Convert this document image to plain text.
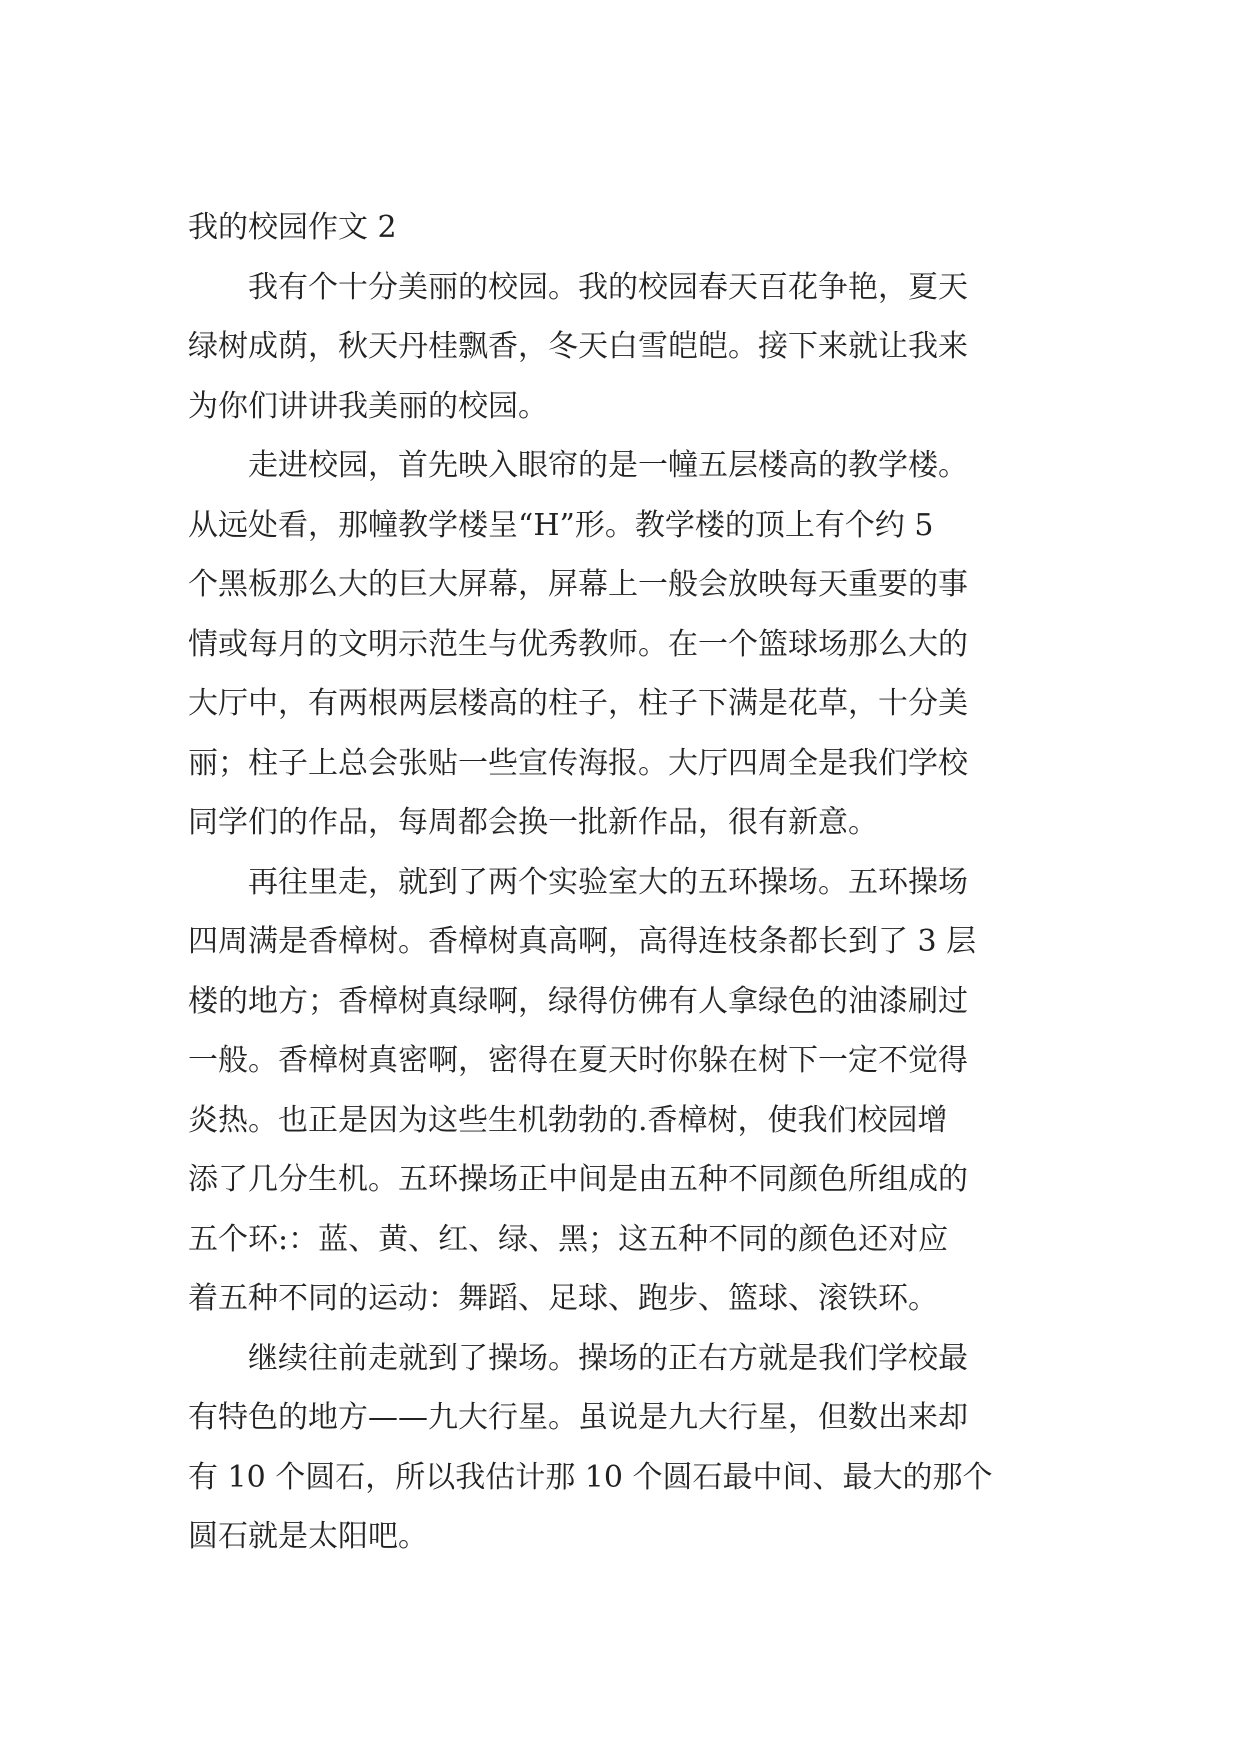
我的校园作文 2
我有个十分美丽的校园。我的校园春天百花争艳，夏天
绿树成荫，秋天丹桂飘香，冬天白雪皑皑。接下来就让我来
为你们讲讲我美丽的校园。
走进校园，首先映入眼帘的是一幢五层楼高的教学楼。
从远处看，那幢教学楼呈“H”形。教学楼的顶上有个约 5
个黑板那么大的巨大屏幕，屏幕上一般会放映每天重要的事
情或每月的文明示范生与优秀教师。在一个篮球场那么大的
大厅中，有两根两层楼高的柱子，柱子下满是花草，十分美
丽；柱子上总会张贴一些宣传海报。大厅四周全是我们学校
同学们的作品，每周都会换一批新作品，很有新意。
再往里走，就到了两个实验室大的五环操场。五环操场
四周满是香樟树。香樟树真高啊，高得连枝条都长到了 3 层
楼的地方；香樟树真绿啊，绿得仿佛有人拿绿色的油漆刷过
一般。香樟树真密啊，密得在夏天时你躲在树下一定不觉得
炎热。也正是因为这些生机勃勃的.香樟树，使我们校园增
添了几分生机。五环操场正中间是由五种不同颜色所组成的
五个环:：蓝、黄、红、绿、黑；这五种不同的颜色还对应
着五种不同的运动：舞蹈、足球、跑步、篮球、滚铁环。
继续往前走就到了操场。操场的正右方就是我们学校最
有特色的地方——九大行星。虽说是九大行星，但数出来却
有 10 个圆石，所以我估计那 10 个圆石最中间、最大的那个
圆石就是太阳吧。
